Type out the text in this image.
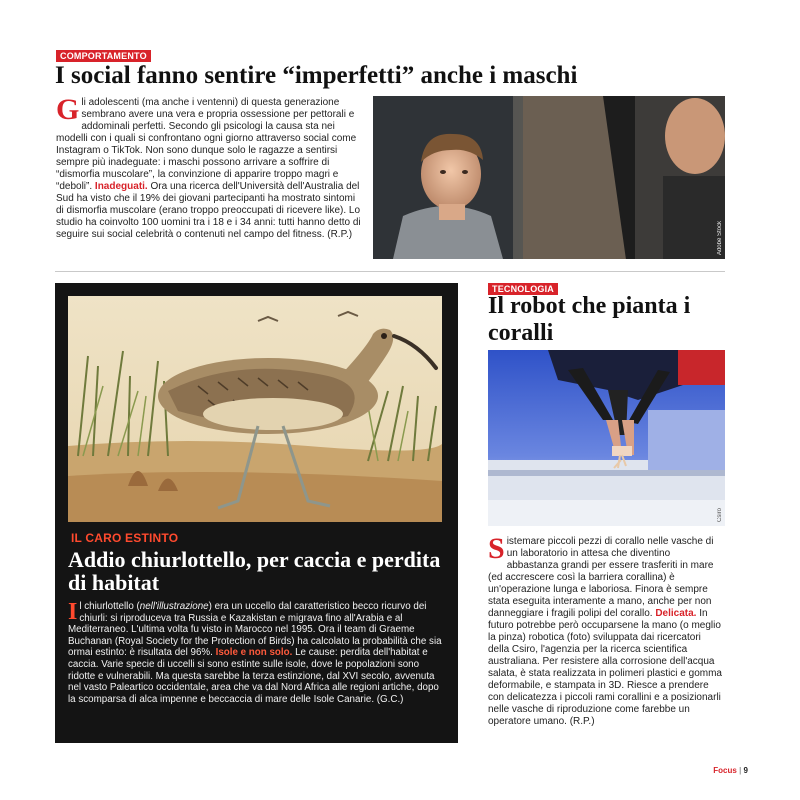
COMPORTAMENTO
I social fanno sentire “imperfetti” anche i maschi

Gli adolescenti (ma anche i ventenni) di questa generazione sembrano avere una vera e propria ossessione per pettorali e addominali perfetti. Secondo gli psicologi la causa sta nei modelli con i quali si confrontano ogni giorno attraverso social come Instagram o TikTok. Non sono dunque solo le ragazze a sentirsi sempre più inadeguate: i maschi possono arrivare a soffrire di “dismorfia muscolare”, la convinzione di apparire troppo magri e “deboli”. Inadeguati. Ora una ricerca dell'Università dell'Australia del Sud ha visto che il 19% dei giovani partecipanti ha mostrato sintomi di dismorfia muscolare (erano troppo preoccupati di ricevere like). Lo studio ha coinvolto 100 uomini tra i 18 e i 34 anni: tutti hanno detto di seguire sui social celebrità o contenuti nel campo del fitness. (R.P.)	Adobe Stock
IL CARO ESTINTO
Addio chiurlottello, per caccia e perdita di habitat

Il chiurlottello (nell'illustrazione) era un uccello dal caratteristico becco ricurvo dei chiurli: si riproduceva tra Russia e Kazakistan e migrava fino all'Arabia e al Mediterraneo. L'ultima volta fu visto in Marocco nel 1995. Ora il team di Graeme Buchanan (Royal Society for the Protection of Birds) ha calcolato la probabilità che sia ormai estinto: è risultata del 96%. Isole e non solo. Le cause: perdita dell'habitat e caccia. Varie specie di uccelli si sono estinte sulle isole, dove le popolazioni sono ridotte e vulnerabili. Ma questa sarebbe la terza estinzione, dal XVI secolo, avvenuta nel vasto Paleartico occidentale, area che va dal Nord Africa alle regioni artiche, dopo la scomparsa di alca impenne e beccaccia di mare delle Isole Canarie. (G.C.)

TECNOLOGIA
Il robot che pianta i coralli
Csiro

Sistemare piccoli pezzi di corallo nelle vasche di un laboratorio in attesa che diventino abbastanza grandi per essere trasferiti in mare (ed accrescere così la barriera corallina) è un'operazione lunga e laboriosa. Finora è sempre stata eseguita interamente a mano, anche per non danneggiare i fragili polipi del corallo. Delicata. In futuro potrebbe però occuparsene la mano (o meglio la pinza) robotica (foto) sviluppata dai ricercatori della Csiro, l'agenzia per la ricerca scientifica australiana. Per resistere alla corrosione dell'acqua salata, è stata realizzata in polimeri plastici e gomma deformabile, e stampata in 3D. Riesce a prendere con delicatezza i piccoli rami corallini e a posizionarli nelle vasche di riproduzione come farebbe un operatore umano. (R.P.)

Focus | 9
